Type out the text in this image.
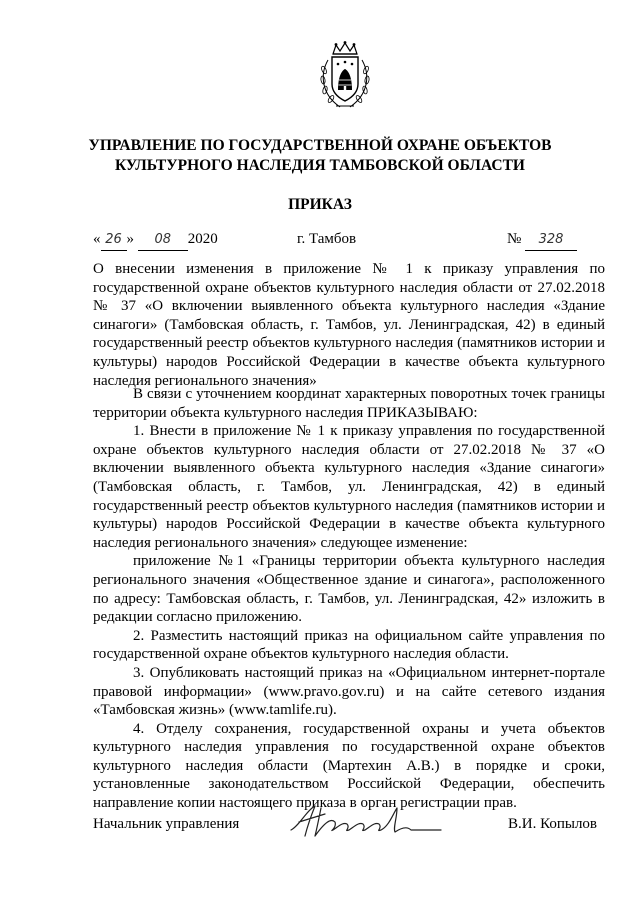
УПРАВЛЕНИЕ ПО ГОСУДАРСТВЕННОЙ ОХРАНЕ ОБЪЕКТОВ КУЛЬТУРНОГО НАСЛЕДИЯ ТАМБОВСКОЙ ОБЛАСТИ
ПРИКАЗ
« 26 » 08 2020	г. Тамбов	№ 328
О внесении изменения в приложение № 1 к приказу управления по государственной охране объектов культурного наследия области от 27.02.2018 № 37 «О включении выявленного объекта культурного наследия «Здание синагоги» (Тамбовская область, г. Тамбов, ул. Ленинградская, 42) в единый государственный реестр объектов культурного наследия (памятников истории и культуры) народов Российской Федерации в качестве объекта культурного наследия регионального значения»

В связи с уточнением координат характерных поворотных точек границы территории объекта культурного наследия ПРИКАЗЫВАЮ:

1. Внести в приложение № 1 к приказу управления по государственной охране объектов культурного наследия области от 27.02.2018 № 37 «О включении выявленного объекта культурного наследия «Здание синагоги» (Тамбовская область, г. Тамбов, ул. Ленинградская, 42) в единый государственный реестр объектов культурного наследия (памятников истории и культуры) народов Российской Федерации в качестве объекта культурного наследия регионального значения» следующее изменение:

приложение №1 «Границы территории объекта культурного наследия регионального значения «Общественное здание и синагога», расположенного по адресу: Тамбовская область, г. Тамбов, ул. Ленинградская, 42» изложить в редакции согласно приложению.

2. Разместить настоящий приказ на официальном сайте управления по государственной охране объектов культурного наследия области.

3. Опубликовать настоящий приказ на «Официальном интернет-портале правовой информации» (www.pravo.gov.ru) и на сайте сетевого издания «Тамбовская жизнь» (www.tamlife.ru).

4. Отделу сохранения, государственной охраны и учета объектов культурного наследия управления по государственной охране объектов культурного наследия области (Мартехин А.В.) в порядке и сроки, установленные законодательством Российской Федерации, обеспечить направление копии настоящего приказа в орган регистрации прав.

Начальник управления	В.И. Копылов
